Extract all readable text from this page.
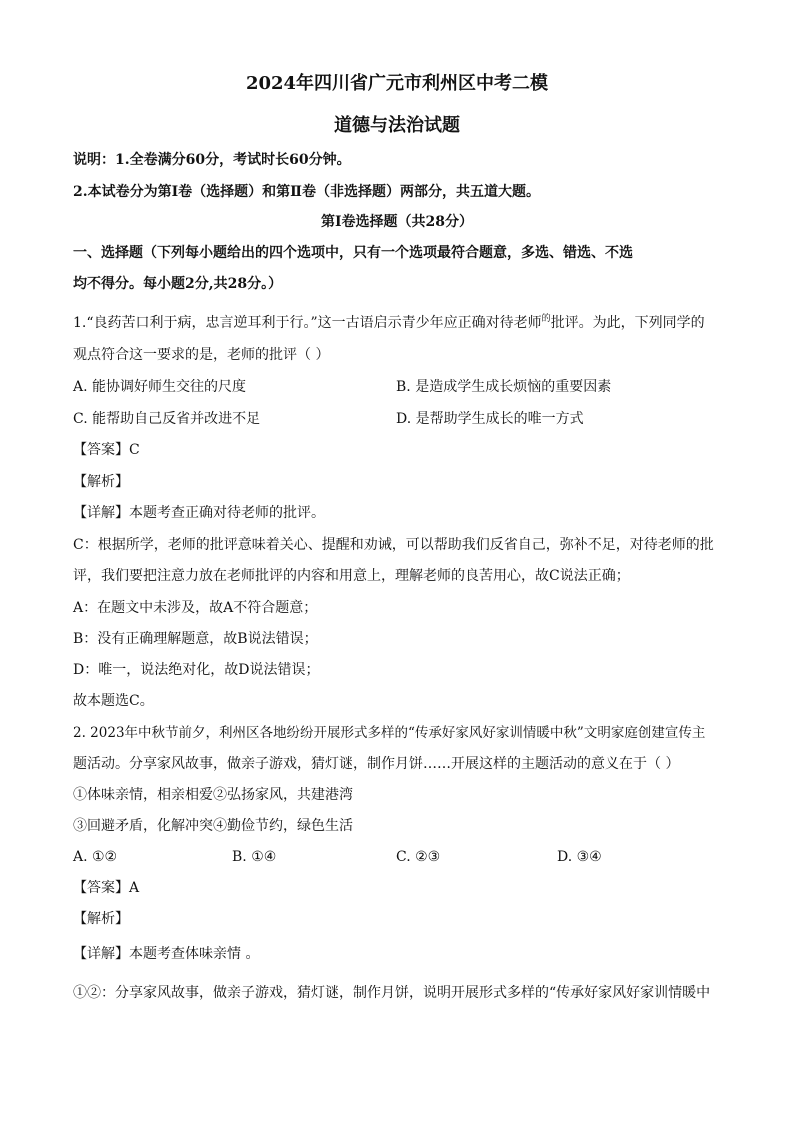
2024年四川省广元市利州区中考二模
道德与法治试题
说明：1.全卷满分60分，考试时长60分钟。
2.本试卷分为第Ⅰ卷（选择题）和第Ⅱ卷（非选择题）两部分，共五道大题。
第Ⅰ卷选择题（共28分）
一、选择题（下列每小题给出的四个选项中，只有一个选项最符合题意，多选、错选、不选
均不得分。每小题2分,共28分。）
1.“良药苦口利于病，忠言逆耳利于行。”这一古语启示青少年应正确对待老师$^的$批评。为此，下列同学的
观点符合这一要求的是，老师的批评（ ）
A. 能协调好师生交往的尺度	B. 是造成学生成长烦恼的重要因素
C. 能帮助自己反省并改进不足	D. 是帮助学生成长的唯一方式
【答案】C
【解析】
【详解】本题考查正确对待老师的批评。
C：根据所学，老师的批评意味着关心、提醒和劝诫，可以帮助我们反省自己，弥补不足，对待老师的批
评，我们要把注意力放在老师批评的内容和用意上，理解老师的良苦用心，故C说法正确；
A：在题文中未涉及，故A不符合题意；
B：没有正确理解题意，故B说法错误；
D：唯一，说法绝对化，故D说法错误；
故本题选C。
2. 2023年中秋节前夕，利州区各地纷纷开展形式多样的“传承好家风好家训情暖中秋”文明家庭创建宣传主
题活动。分享家风故事，做亲子游戏，猜灯谜，制作月饼……开展这样的主题活动的意义在于（ ）
①体味亲情，相亲相爱②弘扬家风，共建港湾
③回避矛盾，化解冲突④勤俭节约，绿色生活
A. ①②	B. ①④	C. ②③	D. ③④
【答案】A
【解析】
【详解】本题考查体味亲情 。
①②：分享家风故事，做亲子游戏，猜灯谜，制作月饼，说明开展形式多样的“传承好家风好家训情暖中
